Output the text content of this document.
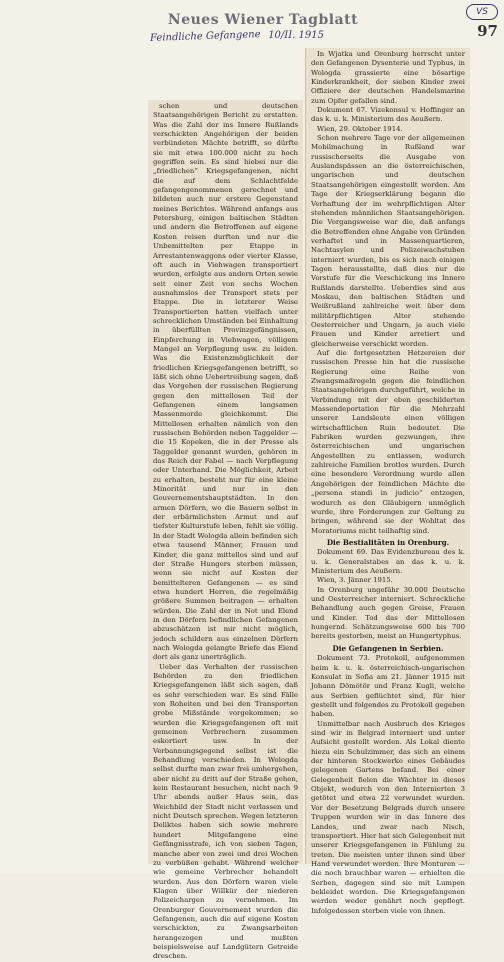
Neues Wiener Tagblatt	VS
97
Feindliche Gefangene 10/II. 1915

schen und deutschen Staatsangehörigen Bericht zu erstatten. Was die Zahl der ins Innere Rußlands verschickten Angehörigen der beiden verbündeten Mächte betrifft, so dürfte sie mit etwa 100.000 nicht zu hoch gegriffen sein. Es sind hiebei nur die „friedlichen“ Kriegsgefangenen, nicht die auf dem Schlachtfelde gefangengenommenen gerechnet und bildeten auch nur erstere Gegenstand meines Berichtes. Während anfangs aus Petersburg, einigen baltischen Städten und andern die Betroffenen auf eigene Kosten reisen durften und nur die Unbemittelten per Etappe in Arrestantenwaggons oder vierter Klasse, oft auch in Viehwagen transportiert wurden, erfolgte aus andern Orten sowie seit einer Zeit von sechs Wochen ausnahmslos der Transport stets per Etappe. Die in letzterer Weise Transportierten hatten vielfach unter schrecklichen Umständen bei Einhaltung in überfüllten Provinzgefängnissen, Einpferchung in Viehwagen, völligem Mangel an Verpflegung usw. zu leiden. Was die Existenzmöglichkeit der friedlichen Kriegsgefangenen betrifft, so läßt sich ohne Uebertreibung sagen, daß das Vorgehen der russischen Regierung gegen den mittellosen Teil der Gefangenen einem langsamen Massenmorde gleichkommt. Die Mittellosen erhalten nämlich von den russischen Behörden neben Taggelder — die 15 Kopeken, die in der Presse als Taggelder genannt wurden, gehören in das Reich der Fabel — nach Verpflegung oder Unterhand. Die Möglichkeit, Arbeit zu erhalten, besteht nur für eine kleine Minorität und nur in den Gouvernementshauptstädten. In den armen Dörfern, wo die Bauern selbst in der erbärmlichsten Armut und auf tiefster Kulturstufe leben, fehlt sie völlig. In der Stadt Wologda allein befinden sich etwa tausend Männer, Frauen und Kinder, die ganz mittellos sind und auf der Straße Hungers sterben müssen, wenn sie nicht auf Kosten der bemittelteren Gefangenen — es sind etwa hundert Herren, die regelmäßig größere Summen beitragen — erhalten würden. Die Zahl der in Not und Elend in den Dörfern befindlichen Gefangenen abzuschätzen ist mir nicht möglich, jedoch schildern aus einzelnen Dörfern nach Wologda gelangte Briefe das Elend dort als ganz unerträglich.

Ueber das Verhalten der russischen Behörden zu den friedlichen Kriegsgefangenen läßt sich sagen, daß es sehr verschieden war. Es sind Fälle von Roheiten und bei den Transporten grobe Mißstände vorgekommen; so wurden die Kriegsgefangenen oft mit gemeinen Verbrechern zusammen eskortiert usw. In der Verbannungsgegend selbst ist die Behandlung verschieden. In Wologda selbst durfte man zwar frei umhergehen, aber nicht zu dritt auf der Straße gehen, kein Restaurant besuchen, nicht nach 9 Uhr abends außer Haus sein, das Weichbild der Stadt nicht verlassen und nicht Deutsch sprechen. Wegen letzteren Deliktes haben sich sowie mehrere hundert Mitgefangene eine Gefängnisstrafe, ich von sieben Tagen, manche aber von zwei und drei Wochen zu verbüßen gehabt. Während welcher wie gemeine Verbrecher behandelt wurden. Aus den Dörfern waren viele Klagen über Willkür der niederen Polizeichargen zu vernehmen. Im Orenburger Gouvernement wurden die Gefangenen, auch die auf eigene Kosten verschickten, zu Zwangsarbeiten herangezogen und mußten beispielsweise auf Landgütern Getreide dreschen.

In Wjatka und Orenburg herrscht unter den Gefangenen Dysenterie und Typhus, in Wologda grassierte eine bösartige Kinderkrankheit, der sieben Kinder zwei Offiziere der deutschen Handelsmarine zum Opfer gefallen sind.

Dokument 67. Vizekonsul v. Hoffinger an das k. u. k. Ministerium des Aeußern.

Wien, 29. Oktober 1914.

Schon mehrere Tage vor der allgemeinen Mobilmachung in Rußland war russischerseits die Ausgabe von Auslandspässen an die österreichischen, ungarischen und deutschen Staatsangehörigen eingestellt worden. Am Tage der Kriegserklärung begann die Verhaftung der im wehrpflichtigen Alter stehenden männlichen Staatsangehörigen. Die Vorgangsweise war die, daß anfangs die Betreffenden ohne Angabe von Gründen verhaftet und in Massenquartieren, Nachtasylen und Polizeiwachstuben interniert wurden, bis es sich nach einigen Tagen herausstellte, daß dies nur die Vorstufe für die Verschickung ins Innere Rußlands darstellte. Ueberdies sind aus Moskau, den baltischen Städten und Weißrußland zahlreiche weit über dem militärpflichtigen Alter stehende Oesterreicher und Ungarn, ja auch viele Frauen und Kinder arretiert und gleicherweise verschickt worden.

Auf die fortgesetzten Hetzereien der russischen Presse hin hat die russische Regierung eine Reihe von Zwangsmaßregeln gegen die feindlichen Staatsangehörigen durchgeführt, welche in Verbindung mit der eben geschilderten Massendeportation für die Mehrzahl unserer Landsleute einen völligen wirtschaftlichen Ruin bedeutet. Die Fabriken wurden gezwungen, ihre österreichischen und ungarischen Angestellten zu entlassen, wodurch zahlreiche Familien brotlos wurden. Durch eine besondere Verordnung wurde allen Angehörigen der feindlichen Mächte die „persona standi in judicio“ entzogen, wodurch es den Gläubigern unmöglich wurde, ihre Forderungen zur Geltung zu bringen, während sie der Wohltat des Moratoriums nicht teilhaftig sind.

Die Bestialitäten in Orenburg.

Dokument 69. Das Evidenzbureau des k. u. k. Generalstabes an das k. u. k. Ministerium des Aeußern.

Wien, 3. Jänner 1915.

In Orenburg ungefähr 30.000 Deutsche und Oesterreicher interniert. Schreckliche Behandlung auch gegen Greise, Frauen und Kinder. Tod das der Mittellosen hungernd. Schätzungsweise 600 bis 700 bereits gestorben, meist an Hungertyphus.

Die Gefangenen in Serbien.

Dokument 73. Protokoll, aufgenommen beim k. u. k. österreichisch-ungarischen Konsulat in Sofia am 21. Jänner 1915 mit Johann Dömötör und Franz Kugli, welche aus Serbien geflüchtet sind, für hier gestellt und folgendes zu Protokoll gegeben haben.

Unmittelbar nach Ausbruch des Krieges sind wir in Belgrad interniert und unter Aufsicht gestellt worden. Als Lokal diente hiezu ein Schulzimmer, das sich an einem der hinteren Stockwerke eines Gebäudes gelegenen Gartens befand. Bei einer Gelegenheit fielen die Wächter in dieses Objekt, wodurch von den Internierten 3 getötet und etwa 22 verwundet wurden. Vor der Besetzung Belgrads durch unsere Truppen wurden wir in das Innere des Landes, und zwar nach Nisch, transportiert. Hier hat sich Gelegenheit mit unserer Kriegsgefangenen in Fühlung zu treten. Die meisten unter ihnen sind über Hand verwundet worden. Ihre Monturen — die noch brauchbar waren — erhielten die Serben, dagegen sind sie mit Lumpen bekleidet worden. Die Kriegsgefangenen werden weder genährt noch gepflegt. Infolgedessen sterben viele von ihnen.
